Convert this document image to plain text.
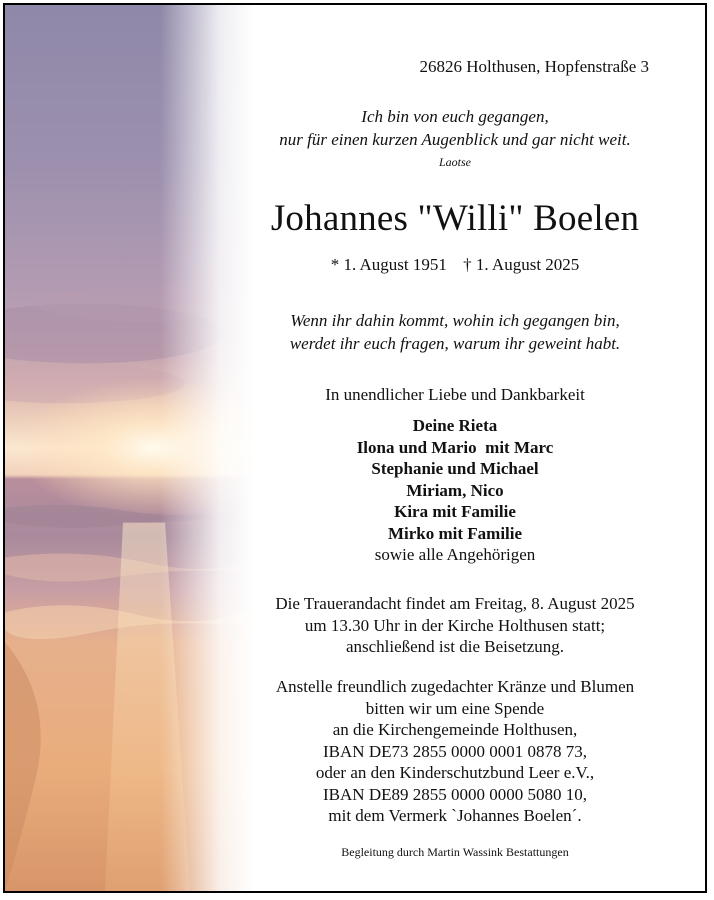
26826 Holthusen, Hopfenstraße 3
Ich bin von euch gegangen,
nur für einen kurzen Augenblick und gar nicht weit.
Laotse
Johannes "Willi" Boelen
* 1. August 1951 † 1. August 2025
Wenn ihr dahin kommt, wohin ich gegangen bin,
werdet ihr euch fragen, warum ihr geweint habt.
In unendlicher Liebe und Dankbarkeit
Deine Rieta
Ilona und Mario  mit Marc
Stephanie und Michael
Miriam, Nico
Kira mit Familie
Mirko mit Familie
sowie alle Angehörigen
Die Trauerandacht findet am Freitag, 8. August 2025
um 13.30 Uhr in der Kirche Holthusen statt;
anschließend ist die Beisetzung.
Anstelle freundlich zugedachter Kränze und Blumen
bitten wir um eine Spende
an die Kirchengemeinde Holthusen,
IBAN DE73 2855 0000 0001 0878 73,
oder an den Kinderschutzbund Leer e.V.,
IBAN DE89 2855 0000 0000 5080 10,
mit dem Vermerk `Johannes Boelen´.
Begleitung durch Martin Wassink Bestattungen
